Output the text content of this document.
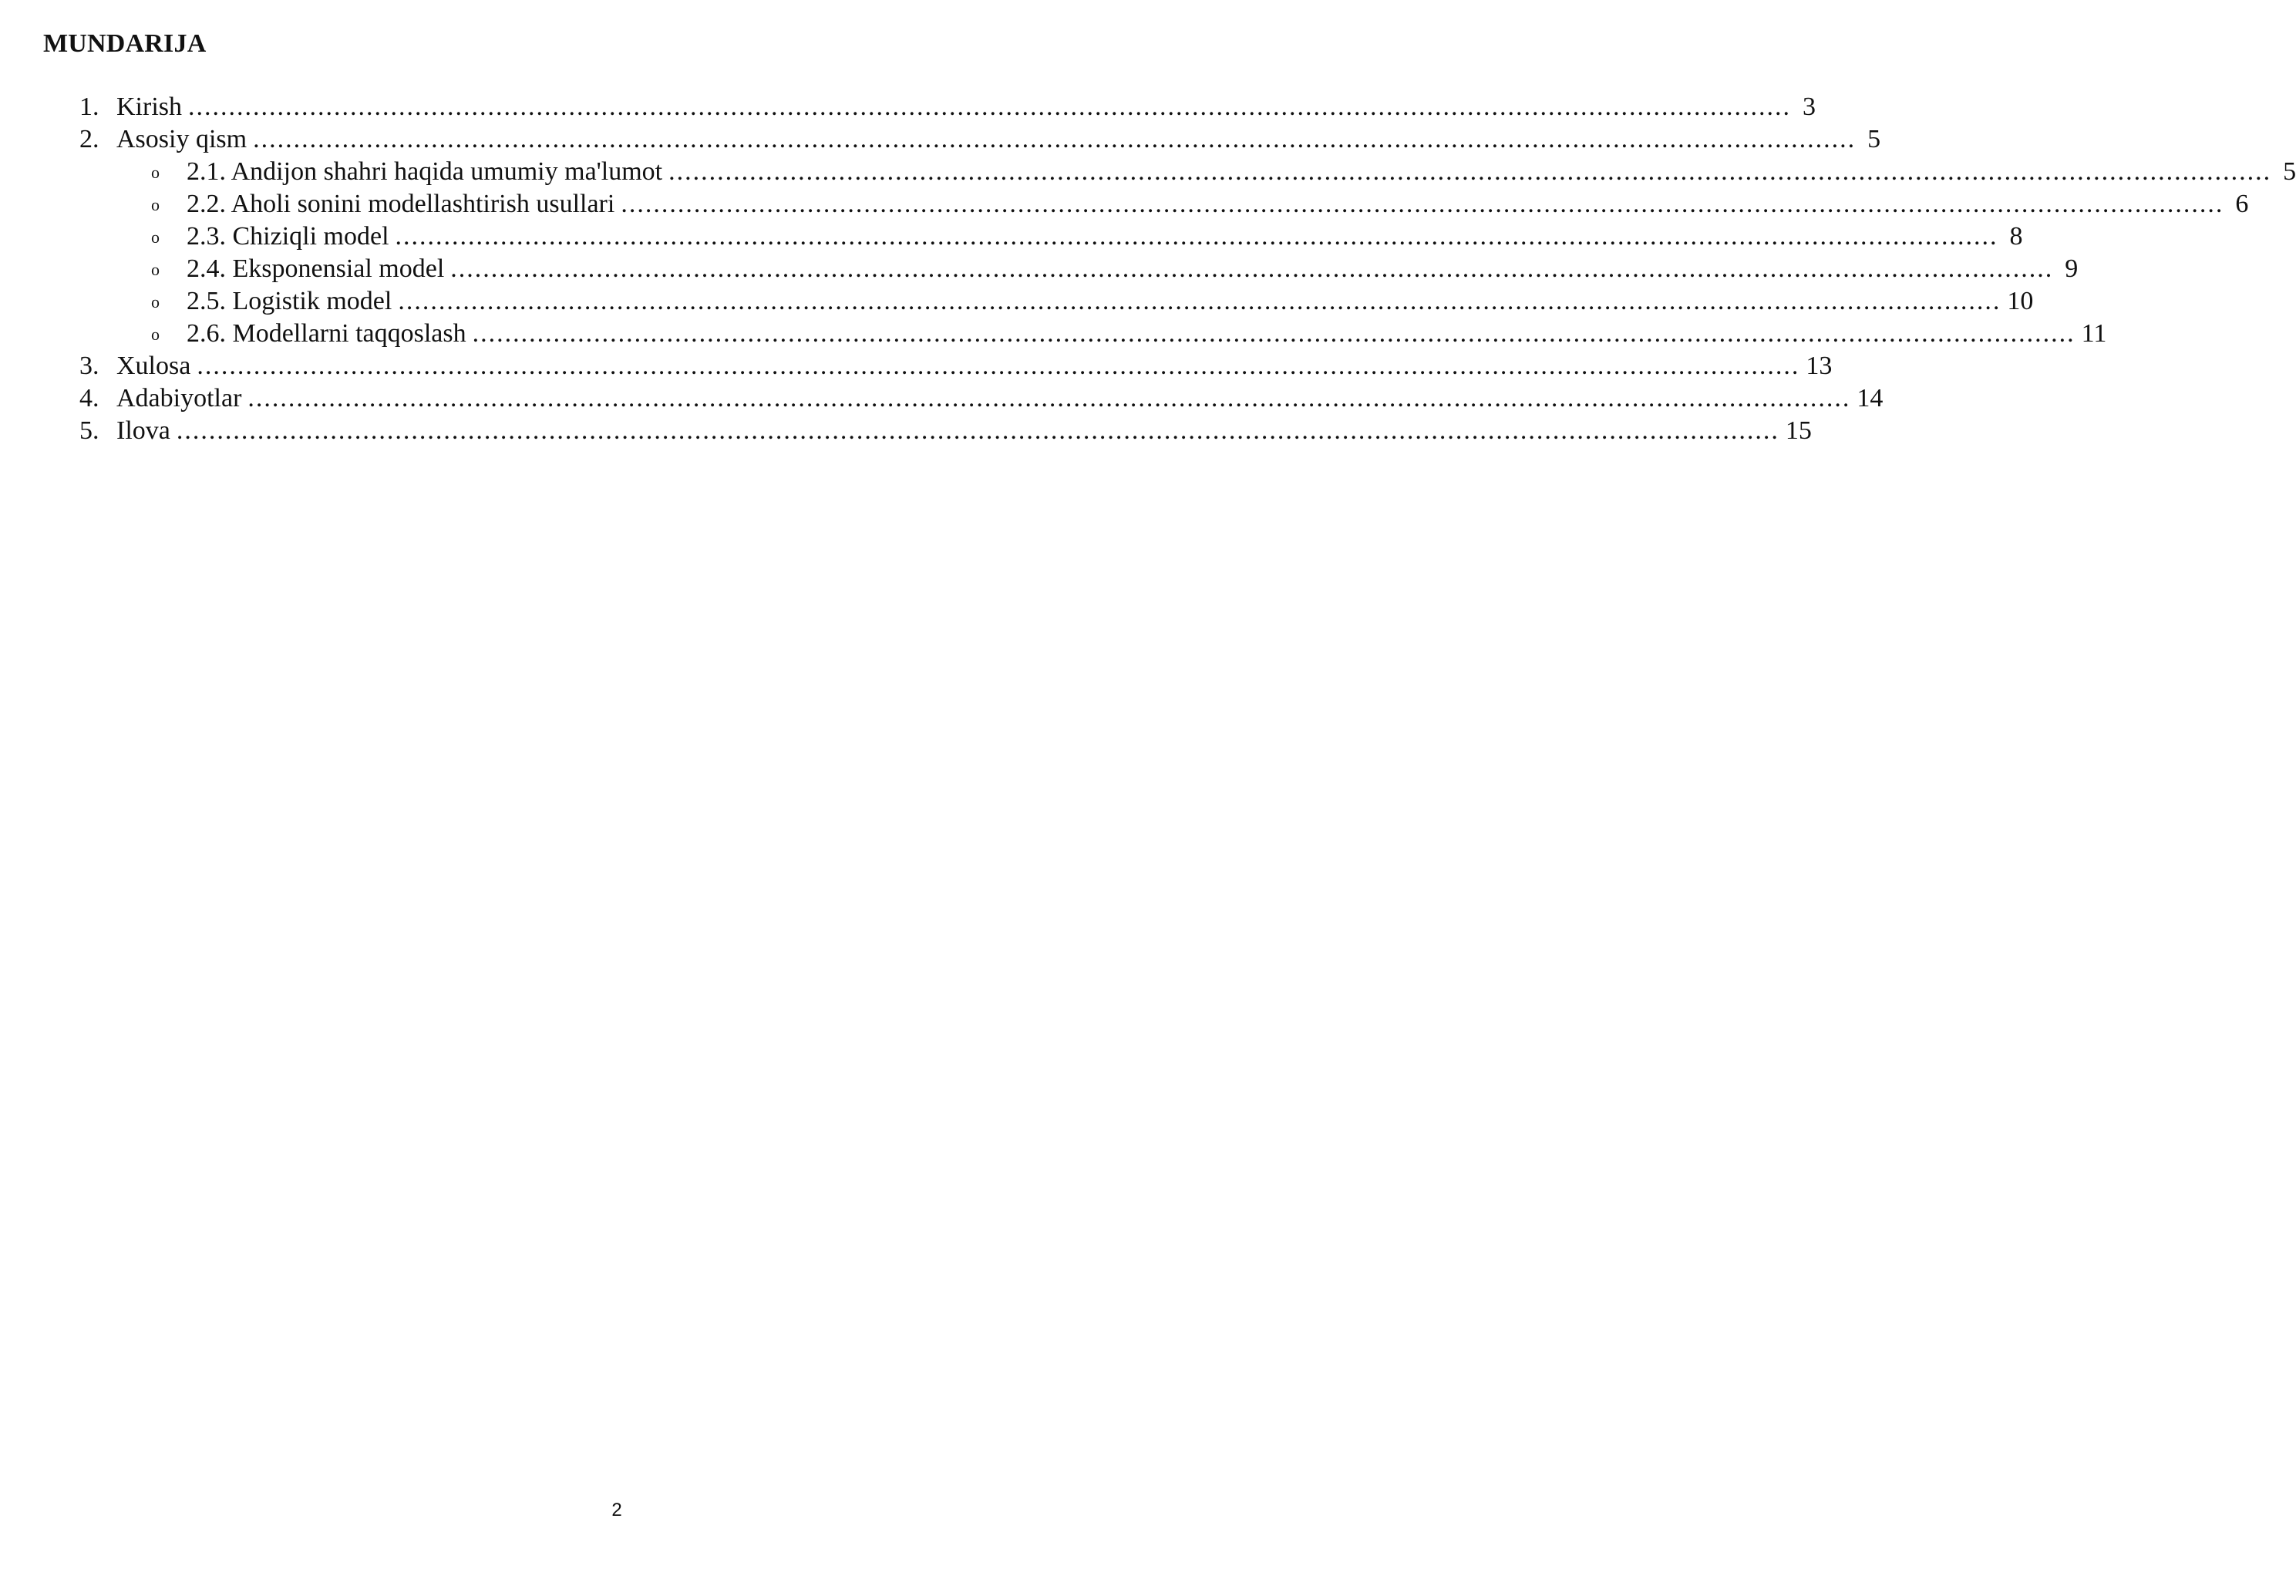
MUNDARIJA
1. Kirish ...................................................................................................................................................................................................... 3
2. Asosiy qism ...................................................................................................................................................................................................... 5
o	2.1. Andijon shahri haqida umumiy ma'lumot ...................................................................................................................................................................................................... 5
o	2.2. Aholi sonini modellashtirish usullari ...................................................................................................................................................................................................... 6
o	2.3. Chiziqli model ...................................................................................................................................................................................................... 8
o	2.4. Eksponensial model ...................................................................................................................................................................................................... 9
o	2.5. Logistik model ...................................................................................................................................................................................................... 10
o	2.6. Modellarni taqqoslash ...................................................................................................................................................................................................... 11
3. Xulosa ...................................................................................................................................................................................................... 13
4. Adabiyotlar ...................................................................................................................................................................................................... 14
5. Ilova ...................................................................................................................................................................................................... 15
2
